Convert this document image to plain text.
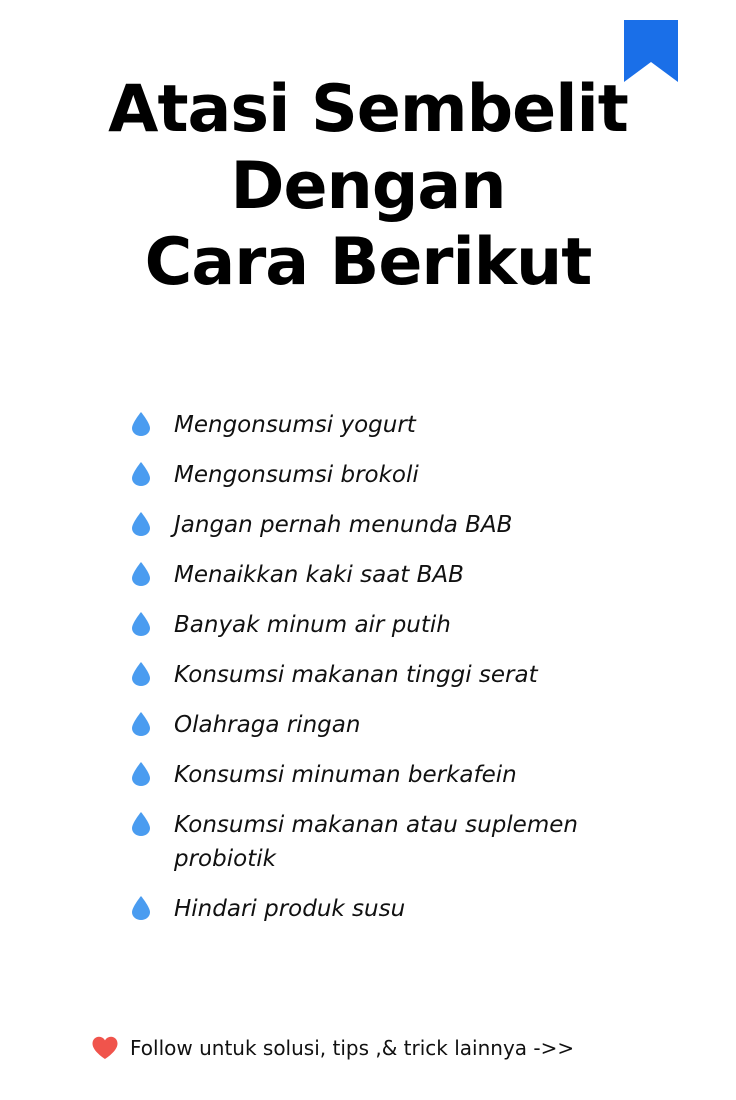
Atasi Sembelit
Dengan
Cara Berikut
Mengonsumsi yogurt
Mengonsumsi brokoli
Jangan pernah menunda BAB
Menaikkan kaki saat BAB
Banyak minum air putih
Konsumsi makanan tinggi serat
Olahraga ringan
Konsumsi minuman berkafein
Konsumsi makanan atau suplemen probiotik
Hindari produk susu
Follow untuk solusi, tips ,& trick lainnya ->>
